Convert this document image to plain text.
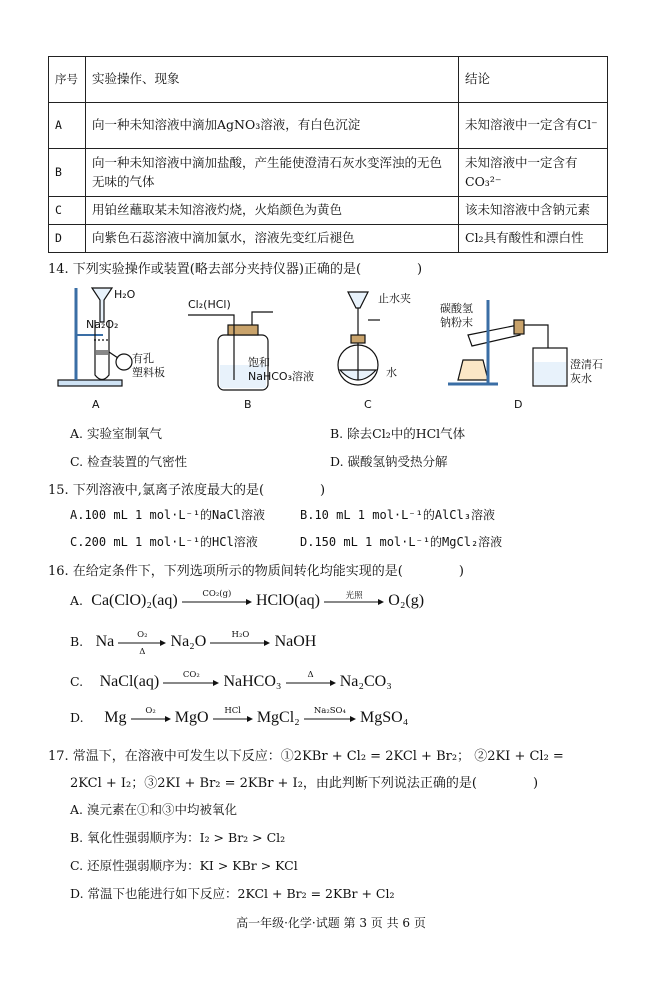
序号	实验操作、现象	结论
A	向一种未知溶液中滴加AgNO₃溶液，有白色沉淀	未知溶液中一定含有Cl⁻
B	向一种未知溶液中滴加盐酸，产生能使澄清石灰水变浑浊的无色无味的气体	未知溶液中一定含有CO₃²⁻
C	用铂丝蘸取某未知溶液灼烧，火焰颜色为黄色	该未知溶液中含钠元素
D	向紫色石蕊溶液中滴加氯水，溶液先变红后褪色	Cl₂具有酸性和漂白性
14. 下列实验操作或装置(略去部分夹持仪器)正确的是(	)
H₂O
Na₂O₂
有孔
塑料板
Cl₂(HCl)
饱和
NaHCO₃溶液
止水夹
水
碳酸氢
钠粉末
澄清石
灰水
A	B	C	D
A. 实验室制氧气	B. 除去Cl₂中的HCl气体
C. 检查装置的气密性	D. 碳酸氢钠受热分解
15. 下列溶液中,氯离子浓度最大的是(	)
A.100 mL 1 mol·L⁻¹的NaCl溶液	B.10 mL 1 mol·L⁻¹的AlCl₃溶液
C.200 mL 1 mol·L⁻¹的HCl溶液	D.150 mL 1 mol·L⁻¹的MgCl₂溶液
16. 在给定条件下，下列选项所示的物质间转化均能实现的是(	)
A. Ca(ClO)₂(aq)	CO₂(g)	HClO(aq)	光照	O₂(g)
B. Na	O₂
Δ
Na₂O	H₂O	NaOH
C. NaCl(aq)	CO₂	NaHCO₃	Δ	Na₂CO₃
D. Mg	O₂	MgO	HCl MgCl₂	Na₂SO₄ MgSO₄
17. 常温下，在溶液中可发生以下反应：①2KBr + Cl₂ = 2KCl + Br₂； ②2KI + Cl₂ =
2KCl + I₂；③2KI + Br₂ = 2KBr + I₂，由此判断下列说法正确的是(	)
A. 溴元素在①和③中均被氧化
B. 氧化性强弱顺序为：I₂ > Br₂ > Cl₂
C. 还原性强弱顺序为：KI > KBr > KCl
D. 常温下也能进行如下反应：2KCl + Br₂ = 2KBr + Cl₂
高一年级·化学·试题 第 3 页 共 6 页
